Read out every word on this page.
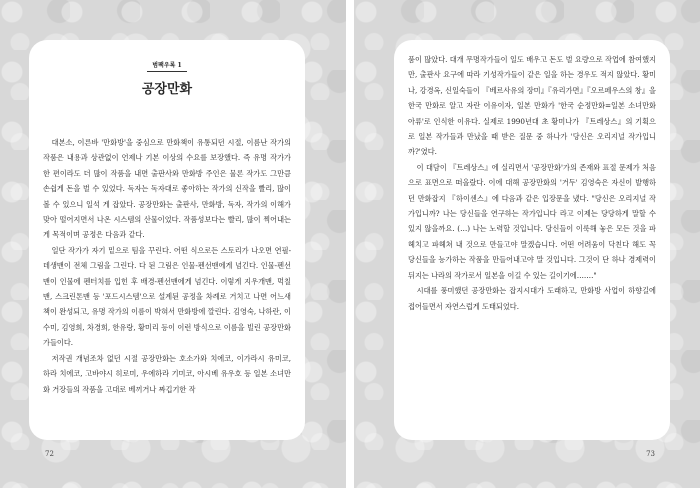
범팩우록 1
공장만화

대본소, 이른바 '만화방'을 중심으로 만화책이 유통되던 시절, 이름난 작가의 작품은 내용과 상관없이 언제나 기본 이상의 수요를 보장했다. 즉 유명 작가가 한 편이라도 더 많이 작품을 내면 출판사와 만화방 주인은 물론 작가도 그만큼 손쉽게 돈을 벌 수 있었다. 독자는 독자대로 좋아하는 작가의 신작을 빨리, 많이 볼 수 있으니 일석 게 잡았다. 공장만화는 출판사, 만화방, 독자, 작가의 이해가 맞아 떨어지면서 나온 시스템의 산물이었다. 작품성보다는 빨리, 많이 찍어내는 게 목적이며 공정은 다음과 같다.

일단 작가가 자기 밑으로 팀을 꾸린다. 어떤 식으로든 스토리가 나오면 연필-데생맨이 전체 그림을 그린다. 다 된 그림은 인물-펜선맨에게 넘긴다. 인물-펜선맨이 인물에 펜터치를 입힌 후 배경-펜선맨에게 넘긴다. 이렇게 지우개맨, 먹칠맨, 스크린톤맨 등 '포드시스템'으로 설계된 공정을 차례로 거치고 나면 어느새 책이 완성되고, 유명 작가의 이름이 박혀서 만화방에 깔린다. 김영숙, 나하란, 이수미, 김영희, 차경희, 한유랑, 황미리 등이 이런 방식으로 이름을 빌린 공장만화가들이다.

저작권 개념조차 없던 시절 공장만화는 호소가와 치에코, 이가라시 유미코, 하라 치에코, 고바야시 히로미, 우에하라 기미코, 아시베 유우호 등 일본 소녀만화 거장들의 작품을 고대로 베끼거나 짜깁기한 작

72

품이 많았다. 대개 무명작가들이 일도 배우고 돈도 벌 요량으로 작업에 참여했지만, 출판사 요구에 따라 기성작가들이 같은 일을 하는 경우도 적지 않았다. 황미나, 강경옥, 신일숙들이 『베르사유의 장미』『유리가면』『오르페우스의 창』을 한국 만화로 알고 자란 이유이자, 일본 만화가 '한국 순정만화=일본 소녀만화 아류'로 인식한 이유다. 실제로 1990년대 초 황미나가 『트레상스』의 기획으로 일본 작가들과 만났을 때 받은 질문 중 하나가 '당신은 오리지널 작가입니까?'였다.

이 대담이 『트레상스』에 실리면서 '공장만화'가의 존재와 표절 문제가 처음으로 표면으로 떠올랐다. 이에 대해 공장만화의 '거두' 김영숙은 자신이 발행하던 만화잡지 『하이센스』에 다음과 같은 입장문을 냈다. "당신은 오리지널 작가입니까? 나는 당신들을 연구하는 작가입니다 라고 이제는 당당하게 말할 수 있지 않을까요. (…) 나는 노력할 것입니다. 당신들이 이룩해 놓은 모든 것을 파헤치고 파헤쳐 내 것으로 만들고야 말겠습니다. 어떤 어려움이 닥친다 해도 꼭 당신들을 능가하는 작품을 만들어내고야 말 것입니다. 그것이 단 하나 경제력이 뒤지는 나라의 작가로서 일본을 이길 수 있는 길이기에……."

시대를 풍미했던 공장만화는 잡지시대가 도래하고, 만화방 사업이 하향길에 접어들면서 자연스럽게 도태되었다.

73
